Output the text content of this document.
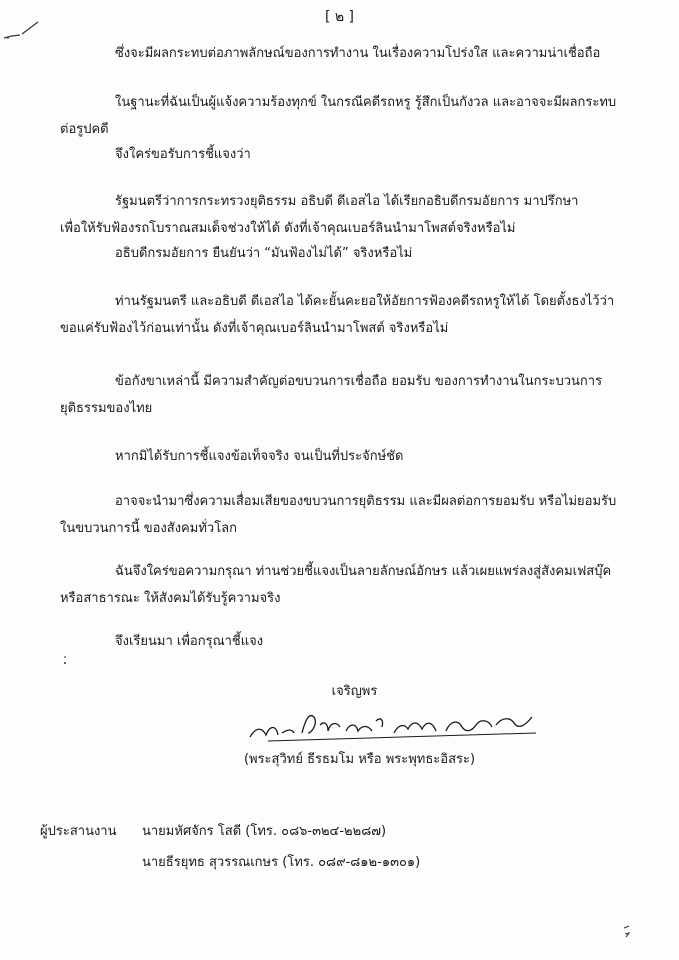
[ ๒ ]
ซึ่งจะมีผลกระทบต่อภาพลักษณ์ของการทำงาน ในเรื่องความโปร่งใส และความน่าเชื่อถือ
ในฐานะที่ฉันเป็นผู้แจ้งความร้องทุกข์ ในกรณีคดีรถหรู รู้สึกเป็นกังวล และอาจจะมีผลกระทบ
ต่อรูปคดี
จึงใคร่ขอรับการชี้แจงว่า
รัฐมนตรีว่าการกระทรวงยุติธรรม อธิบดี ดีเอสไอ ได้เรียกอธิบดีกรมอัยการ มาปรึกษา
เพื่อให้รับฟ้องรถโบราณสมเด็จช่วงให้ได้ ดังที่เจ้าคุณเบอร์ลินนำมาโพสต์จริงหรือไม่
อธิบดีกรมอัยการ ยืนยันว่า “มันฟ้องไม่ได้” จริงหรือไม่
ท่านรัฐมนตรี และอธิบดี ดีเอสไอ ได้คะยั้นคะยอให้อัยการฟ้องคดีรถหรูให้ได้ โดยตั้งธงไว้ว่า
ขอแค่รับฟ้องไว้ก่อนเท่านั้น ดังที่เจ้าคุณเบอร์ลินนำมาโพสต์ จริงหรือไม่
ข้อกังขาเหล่านี้ มีความสำคัญต่อขบวนการเชื่อถือ ยอมรับ ของการทำงานในกระบวนการ
ยุติธรรมของไทย
หากมิได้รับการชี้แจงข้อเท็จจริง จนเป็นที่ประจักษ์ชัด
อาจจะนำมาซึ่งความเสื่อมเสียของขบวนการยุติธรรม และมีผลต่อการยอมรับ หรือไม่ยอมรับ
ในขบวนการนี้ ของสังคมทั่วโลก
ฉันจึงใคร่ขอความกรุณา ท่านช่วยชี้แจงเป็นลายลักษณ์อักษร แล้วเผยแพร่ลงสู่สังคมเฟสบุ๊ค
หรือสาธารณะ ให้สังคมได้รับรู้ความจริง
จึงเรียนมา เพื่อกรุณาชี้แจง
เจริญพร
(พระสุวิทย์ ธีรธมโม หรือ พระพุทธะอิสระ)
ผู้ประสานงาน นายมหัศจักร โสดี (โทร. ๐๘๖-๓๒๔-๒๒๘๗)
นายธีรยุทธ สุวรรณเกษร (โทร. ๐๘๙-๘๑๒-๑๓๐๑)
